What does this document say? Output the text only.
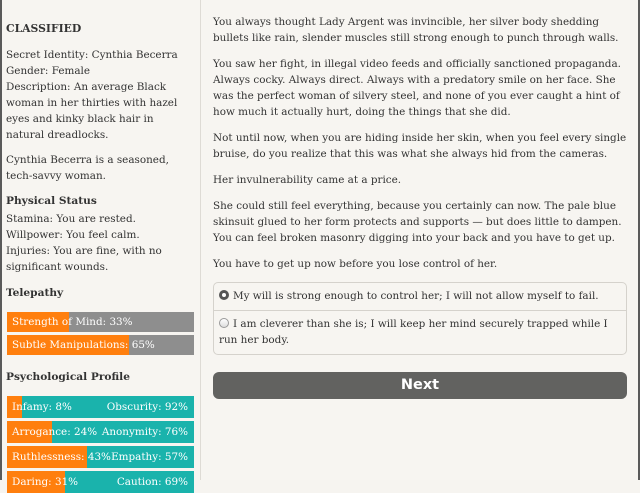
CLASSIFIED

Secret Identity: Cynthia Becerra
Gender: Female
Description: An average Black woman in her thirties with hazel eyes and kinky black hair in natural dreadlocks.

Cynthia Becerra is a seasoned, tech-savvy woman.

Physical Status
Stamina: You are rested.
Willpower: You feel calm.
Injuries: You are fine, with no significant wounds.
Telepathy
Strength of Mind: 33%
Subtle Manipulations: 65%
Psychological Profile
Infamy: 8%	Obscurity: 92%
Arrogance: 24% Anonymity: 76%
Ruthlessness: 43% Empathy: 57%
Daring: 31%	Caution: 69%

You always thought Lady Argent was invincible, her silver body shedding bullets like rain, slender muscles still strong enough to punch through walls.

You saw her fight, in illegal video feeds and officially sanctioned propaganda. Always cocky. Always direct. Always with a predatory smile on her face. She was the perfect woman of silvery steel, and none of you ever caught a hint of how much it actually hurt, doing the things that she did.

Not until now, when you are hiding inside her skin, when you feel every single bruise, do you realize that this was what she always hid from the cameras.

Her invulnerability came at a price.

She could still feel everything, because you certainly can now. The pale blue skinsuit glued to her form protects and supports — but does little to dampen. You can feel broken masonry digging into your back and you have to get up.

You have to get up now before you lose control of her.

My will is strong enough to control her; I will not allow myself to fail.
I am cleverer than she is; I will keep her mind securely trapped while I run her body.
Next
